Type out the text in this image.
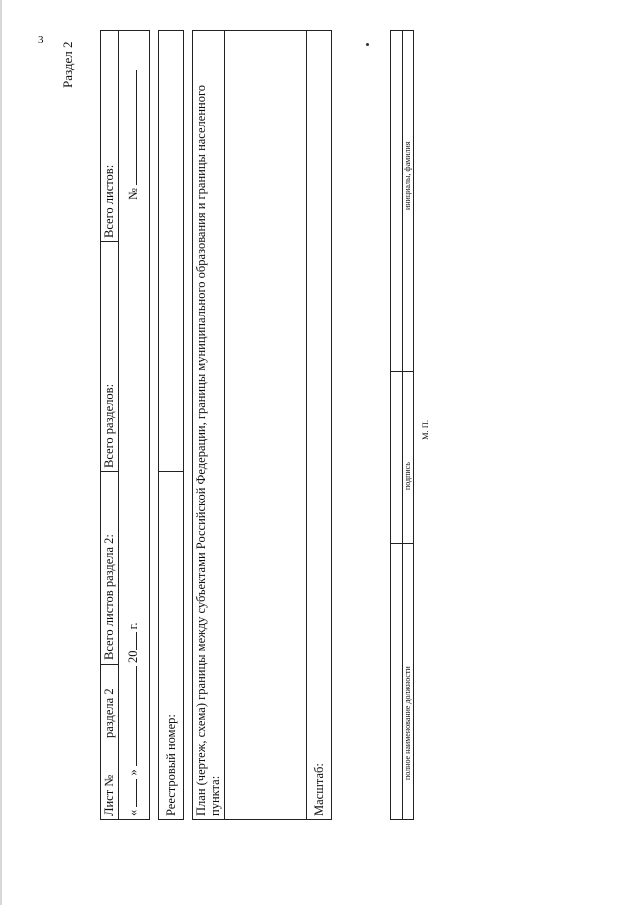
3
Раздел 2
Лист №
раздела 2
Всего листов раздела 2:
Всего разделов:
Всего листов:
«  »  20 г.
№
Реестровый номер: План (чертеж, схема) границы между субъектами Российской Федерации, границы муниципального образования и границы населенного пункта:	Масштаб:
полное наименование должности
подпись
инициалы, фамилия
М. П.
